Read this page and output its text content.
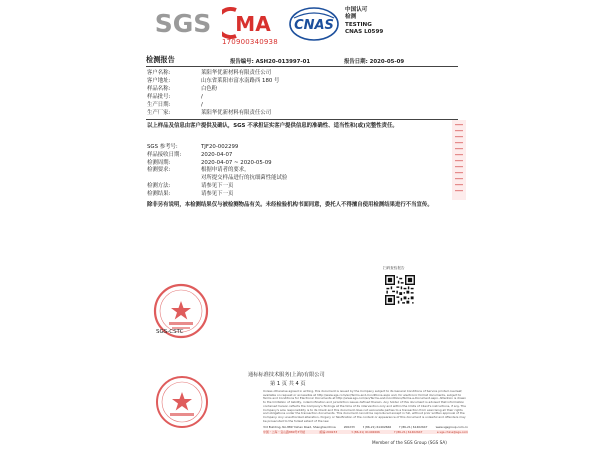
SGS MA
170900340938
CNAS
中国认可
检测
TESTING
CNAS L0599
检测报告	报告编号: ASH20-013997-01	报告日期: 2020-05-09
客户名称:	莱阳华优新材料有限责任公司
客户地址:	山东省莱阳市富水南路西 180 号
样品名称:	白色粉
样品批号:	/
生产日期:	/
生产厂家:	莱阳华优新材料有限责任公司
以上样品及信息由客户提供及确认，SGS 不承担证实客户提供信息的准确性、适当性和(或)完整性责任。
SGS 参考号:	TJF20-002299
样品接收日期:	2020-04-07
检测周期:	2020-04-07 ~ 2020-05-09
检测要求:	根据申请者的要求，
对所提交样品进行的抗细菌性能试验
检测方法:	请参见下一页
检测结果:	请参见下一页
除非另有说明，本检测结果仅与被检测物品有关。未经检验机构书面同意，委托人不得擅自使用检测结果进行不当宣传。
扫码查验报告
SGS-CSTC
通标标准技术服务(上海)有限公司
第 1 页 共 4 页
Unless otherwise agreed in writing, this document is issued by the Company subject to its General Conditions of Service printed overleaf, available on request or accessible at http://www.sgs.com/en/Terms-and-Conditions.aspx and, for electronic format documents, subject to Terms and Conditions for Electronic Documents at http://www.sgs.com/en/Terms-and-Conditions/Terms-e-Document.aspx. Attention is drawn to the limitation of liability, indemnification and jurisdiction issues defined therein. Any holder of this document is advised that information contained hereon reflects the Company's findings at the time of its intervention only and within the limits of Client's instructions, if any. The Company's sole responsibility is to its Client and this document does not exonerate parties to a transaction from exercising all their rights and obligations under the transaction documents. This document cannot be reproduced except in full, without prior written approval of the Company. Any unauthorized alteration, forgery or falsification of the content or appearance of this document is unlawful and offenders may be prosecuted to the fullest extent of the law.
3rd Building, No.889 Yishan Road, Shanghai,China	200233	t (86-21) 61402666	f (86-21) 61402647	www.sgsgroup.com.cn
中国・上海・宜山路889号3号楼	邮编:200233	t (86-21) 61402666	f (86-21) 61402647	e sgs.china@sgs.com
Member of the SGS Group (SGS SA)
